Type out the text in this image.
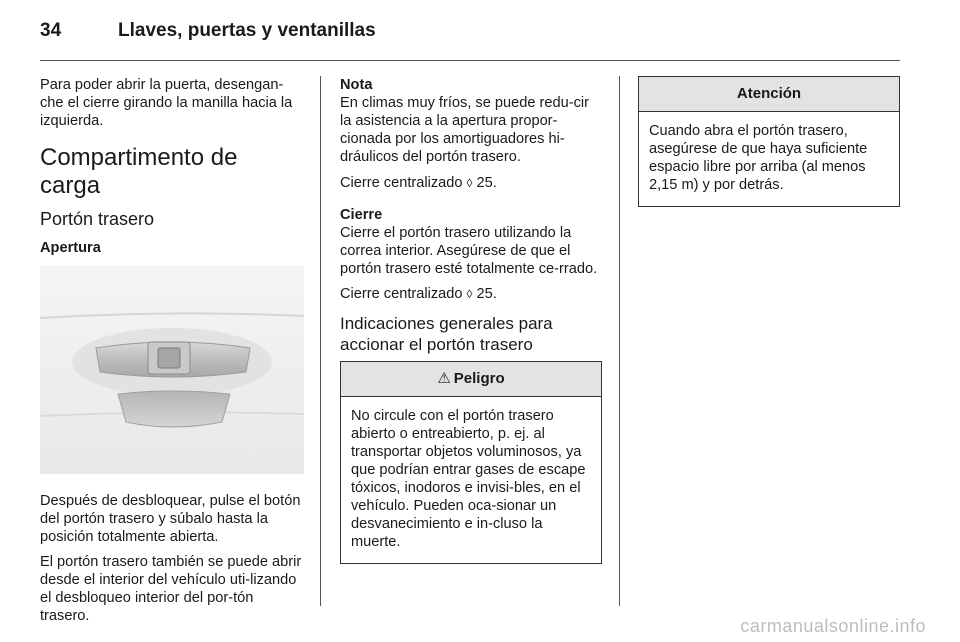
34	Llaves, puertas y ventanillas

Para poder abrir la puerta, desengan-che el cierre girando la manilla hacia la izquierda.

Compartimento de carga
Portón trasero
Apertura

Después de desbloquear, pulse el botón del portón trasero y súbalo hasta la posición totalmente abierta.

El portón trasero también se puede abrir desde el interior del vehículo uti-lizando el desbloqueo interior del por-tón trasero.

Nota

En climas muy fríos, se puede redu-cir la asistencia a la apertura propor-cionada por los amortiguadores hi-dráulicos del portón trasero.

Cierre centralizado ◊ 25.

Cierre

Cierre el portón trasero utilizando la correa interior. Asegúrese de que el portón trasero esté totalmente ce-rrado.

Cierre centralizado ◊ 25.

Indicaciones generales para accionar el portón trasero
⚠ Peligro

No circule con el portón trasero abierto o entreabierto, p. ej. al transportar objetos voluminosos, ya que podrían entrar gases de escape tóxicos, inodoros e invisi-bles, en el vehículo. Pueden oca-sionar un desvanecimiento e in-cluso la muerte.

Atención

Cuando abra el portón trasero, asegúrese de que haya suficiente espacio libre por arriba (al menos 2,15 m) y por detrás.

carmanualsonline.info
